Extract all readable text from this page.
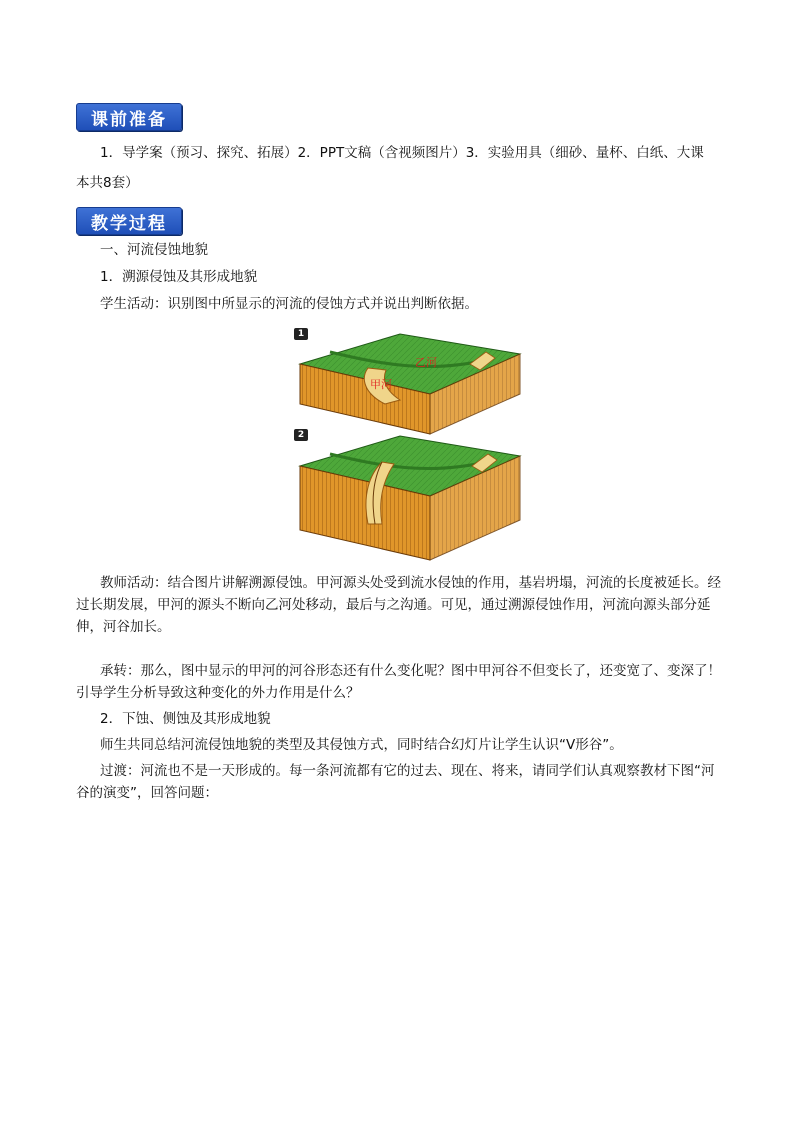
课前准备

1．导学案（预习、探究、拓展）2．PPT文稿（含视频图片）3．实验用具（细砂、量杯、白纸、大课

本共8套）

教学过程

一、河流侵蚀地貌

1．溯源侵蚀及其形成地貌

学生活动：识别图中所显示的河流的侵蚀方式并说出判断依据。

1
2
乙河
甲河

教师活动：结合图片讲解溯源侵蚀。甲河源头处受到流水侵蚀的作用，基岩坍塌，河流的长度被延长。经过长期发展，甲河的源头不断向乙河处移动，最后与之沟通。可见，通过溯源侵蚀作用，河流向源头部分延伸，河谷加长。

承转：那么，图中显示的甲河的河谷形态还有什么变化呢？图中甲河谷不但变长了，还变宽了、变深了！引导学生分析导致这种变化的外力作用是什么？

2．下蚀、侧蚀及其形成地貌

师生共同总结河流侵蚀地貌的类型及其侵蚀方式，同时结合幻灯片让学生认识“V形谷”。

过渡：河流也不是一天形成的。每一条河流都有它的过去、现在、将来，请同学们认真观察教材下图“河谷的演变”，回答问题：
